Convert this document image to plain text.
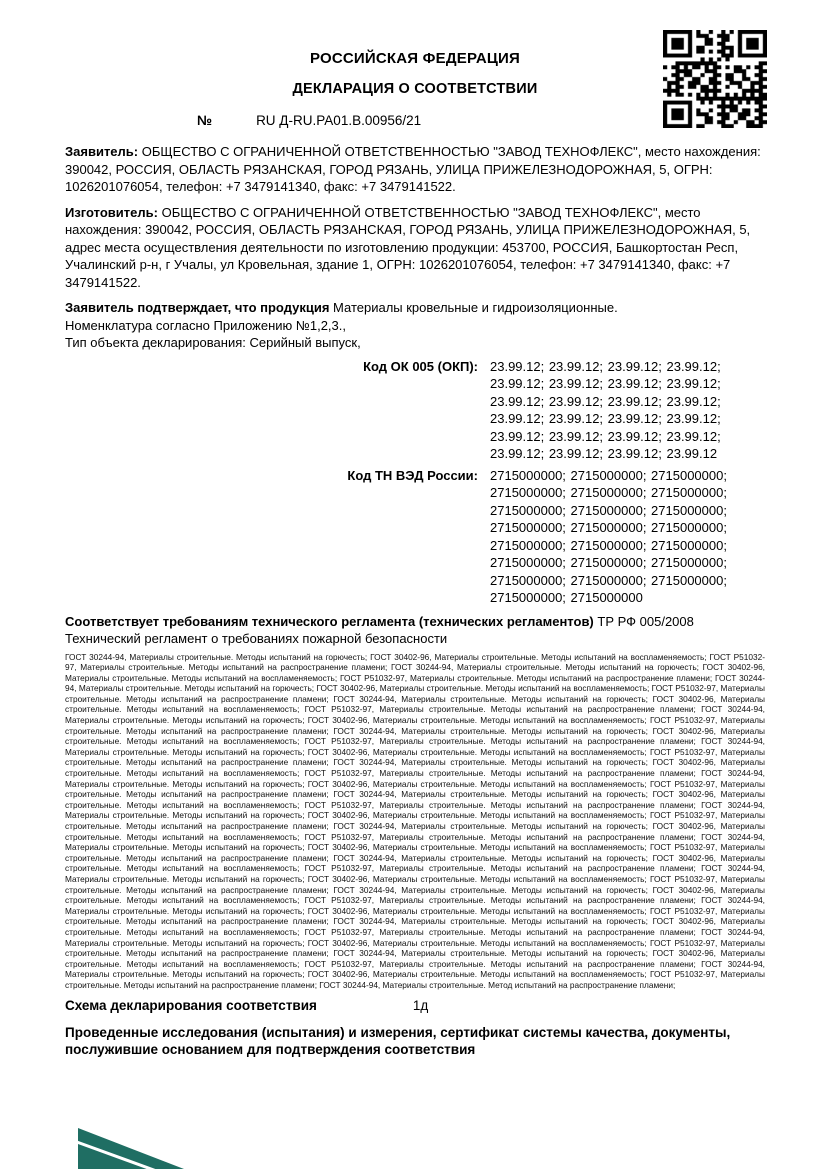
РОССИЙСКАЯ ФЕДЕРАЦИЯ
ДЕКЛАРАЦИЯ О СООТВЕТСТВИИ
№	RU Д-RU.РА01.В.00956/21

Заявитель: ОБЩЕСТВО С ОГРАНИЧЕННОЙ ОТВЕТСТВЕННОСТЬЮ "ЗАВОД ТЕХНОФЛЕКС", место нахождения: 390042, РОССИЯ, ОБЛАСТЬ РЯЗАНСКАЯ, ГОРОД РЯЗАНЬ, УЛИЦА ПРИЖЕЛЕЗНОДОРОЖНАЯ, 5, ОГРН: 1026201076054, телефон: +7 3479141340, факс: +7 3479141522.

Изготовитель: ОБЩЕСТВО С ОГРАНИЧЕННОЙ ОТВЕТСТВЕННОСТЬЮ "ЗАВОД ТЕХНОФЛЕКС", место нахождения: 390042, РОССИЯ, ОБЛАСТЬ РЯЗАНСКАЯ, ГОРОД РЯЗАНЬ, УЛИЦА ПРИЖЕЛЕЗНОДОРОЖНАЯ, 5, адрес места осуществления деятельности по изготовлению продукции: 453700, РОССИЯ, Башкортостан Респ, Учалинский р-н, г Учалы, ул Кровельная, здание 1, ОГРН: 1026201076054, телефон: +7 3479141340, факс: +7 3479141522.

Заявитель подтверждает, что продукция Материалы кровельные и гидроизоляционные.
Номенклатура согласно Приложению №1,2,3.,
Тип объекта декларирования: Серийный выпуск,
Код ОК 005 (ОКП): 23.99.12; 23.99.12; 23.99.12; 23.99.12; 23.99.12; 23.99.12; 23.99.12; 23.99.12; 23.99.12; 23.99.12; 23.99.12; 23.99.12; 23.99.12; 23.99.12; 23.99.12; 23.99.12; 23.99.12; 23.99.12; 23.99.12; 23.99.12; 23.99.12; 23.99.12; 23.99.12; 23.99.12
Код ТН ВЭД России: 2715000000; 2715000000; 2715000000; 2715000000; 2715000000; 2715000000; 2715000000; 2715000000; 2715000000; 2715000000; 2715000000; 2715000000; 2715000000; 2715000000; 2715000000; 2715000000; 2715000000; 2715000000; 2715000000; 2715000000; 2715000000; 2715000000; 2715000000

Соответствует требованиям технического регламента (технических регламентов) ТР РФ 005/2008 Технический регламент о требованиях пожарной безопасности

ГОСТ 30244-94, Материалы строительные. Методы испытаний на горючесть; ГОСТ 30402-96, Материалы строительные. Методы испытаний на воспламеняемость; ГОСТ Р51032-97, Материалы строительные. Методы испытаний на распространение пламени; ГОСТ 30244-94, Материалы строительные. Методы испытаний на горючесть; ГОСТ 30402-96, Материалы строительные. Методы испытаний на воспламеняемость; ГОСТ Р51032-97, Материалы строительные. Методы испытаний на распространение пламени; ГОСТ 30244-94, Материалы строительные. Методы испытаний на горючесть; ГОСТ 30402-96, Материалы строительные. Методы испытаний на воспламеняемость; ГОСТ Р51032-97, Материалы строительные. Методы испытаний на распространение пламени; ГОСТ 30244-94, Материалы строительные. Методы испытаний на горючесть; ГОСТ 30402-96, Материалы строительные. Методы испытаний на воспламеняемость; ГОСТ Р51032-97, Материалы строительные. Методы испытаний на распространение пламени; ГОСТ 30244-94, Материалы строительные. Методы испытаний на горючесть; ГОСТ 30402-96, Материалы строительные. Методы испытаний на воспламеняемость; ГОСТ Р51032-97, Материалы строительные. Методы испытаний на распространение пламени; ГОСТ 30244-94, Материалы строительные. Методы испытаний на горючесть; ГОСТ 30402-96, Материалы строительные. Методы испытаний на воспламеняемость; ГОСТ Р51032-97, Материалы строительные. Методы испытаний на распространение пламени; ГОСТ 30244-94, Материалы строительные. Методы испытаний на горючесть; ГОСТ 30402-96, Материалы строительные. Методы испытаний на воспламеняемость; ГОСТ Р51032-97, Материалы строительные. Методы испытаний на распространение пламени; ГОСТ 30244-94, Материалы строительные. Методы испытаний на горючесть; ГОСТ 30402-96, Материалы строительные. Методы испытаний на воспламеняемость; ГОСТ Р51032-97, Материалы строительные. Методы испытаний на распространение пламени; ГОСТ 30244-94, Материалы строительные. Методы испытаний на горючесть; ГОСТ 30402-96, Материалы строительные. Методы испытаний на воспламеняемость; ГОСТ Р51032-97, Материалы строительные. Методы испытаний на распространение пламени; ГОСТ 30244-94, Материалы строительные. Методы испытаний на горючесть; ГОСТ 30402-96, Материалы строительные. Методы испытаний на воспламеняемость; ГОСТ Р51032-97, Материалы строительные. Методы испытаний на распространение пламени; ГОСТ 30244-94, Материалы строительные. Методы испытаний на горючесть; ГОСТ 30402-96, Материалы строительные. Методы испытаний на воспламеняемость; ГОСТ Р51032-97, Материалы строительные. Методы испытаний на распространение пламени; ГОСТ 30244-94, Материалы строительные. Методы испытаний на горючесть; ГОСТ 30402-96, Материалы строительные. Методы испытаний на воспламеняемость; ГОСТ Р51032-97, Материалы строительные. Методы испытаний на распространение пламени; ГОСТ 30244-94, Материалы строительные. Методы испытаний на горючесть; ГОСТ 30402-96, Материалы строительные. Методы испытаний на воспламеняемость; ГОСТ Р51032-97, Материалы строительные. Методы испытаний на распространение пламени; ГОСТ 30244-94, Материалы строительные. Методы испытаний на горючесть; ГОСТ 30402-96, Материалы строительные. Методы испытаний на воспламеняемость; ГОСТ Р51032-97, Материалы строительные. Методы испытаний на распространение пламени; ГОСТ 30244-94, Материалы строительные. Методы испытаний на горючесть; ГОСТ 30402-96, Материалы строительные. Методы испытаний на воспламеняемость; ГОСТ Р51032-97, Материалы строительные. Методы испытаний на распространение пламени; ГОСТ 30244-94, Материалы строительные. Методы испытаний на горючесть; ГОСТ 30402-96, Материалы строительные. Методы испытаний на воспламеняемость; ГОСТ Р51032-97, Материалы строительные. Методы испытаний на распространение пламени; ГОСТ 30244-94, Материалы строительные. Методы испытаний на горючесть; ГОСТ 30402-96, Материалы строительные. Методы испытаний на воспламеняемость; ГОСТ Р51032-97, Материалы строительные. Методы испытаний на распространение пламени; ГОСТ 30244-94, Материалы строительные. Методы испытаний на горючесть; ГОСТ 30402-96, Материалы строительные. Методы испытаний на воспламеняемость; ГОСТ Р51032-97, Материалы строительные. Методы испытаний на распространение пламени; ГОСТ 30244-94, Материалы строительные. Методы испытаний на горючесть; ГОСТ 30402-96, Материалы строительные. Методы испытаний на воспламеняемость; ГОСТ Р51032-97, Материалы строительные. Методы испытаний на распространение пламени; ГОСТ 30244-94, Материалы строительные. Методы испытаний на горючесть; ГОСТ 30402-96, Материалы строительные. Методы испытаний на воспламеняемость; ГОСТ Р51032-97, Материалы строительные. Методы испытаний на распространение пламени; ГОСТ 30244-94, Материалы строительные. Методы испытаний на горючесть; ГОСТ 30402-96, Материалы строительные. Методы испытаний на воспламеняемость; ГОСТ Р51032-97, Материалы строительные. Методы испытаний на распространение пламени; ГОСТ 30244-94, Материалы строительные. Метод испытаний на распространение пламени;
Схема декларирования соответствия	1д

Проведенные исследования (испытания) и измерения, сертификат системы качества, документы, послужившие основанием для подтверждения соответствия
